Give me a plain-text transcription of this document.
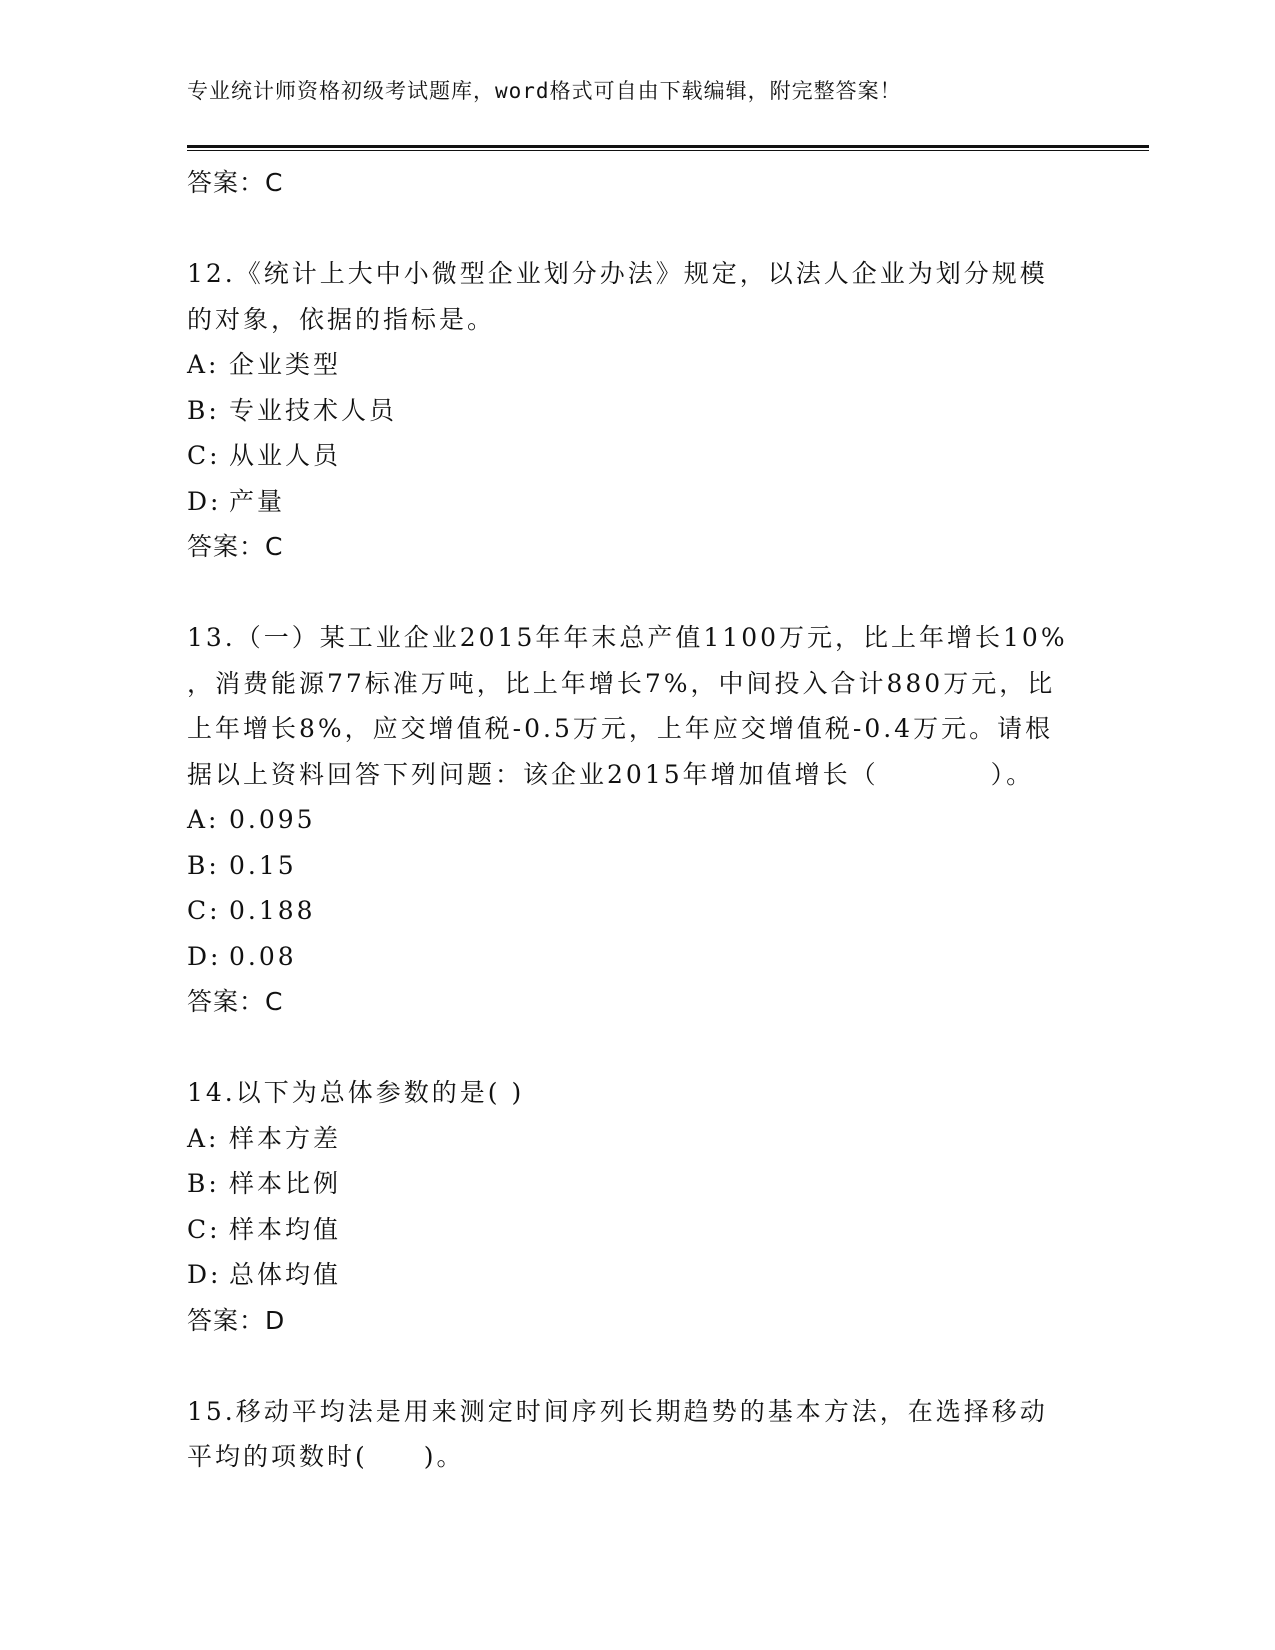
专业统计师资格初级考试题库，word格式可自由下载编辑，附完整答案！
答案：C
12.《统计上大中小微型企业划分办法》规定，以法人企业为划分规模
的对象，依据的指标是。
A: 企业类型
B: 专业技术人员
C: 从业人员
D: 产量
答案：C
13.（一）某工业企业2015年年末总产值1100万元，比上年增长10%
，消费能源77标准万吨，比上年增长7%，中间投入合计880万元，比
上年增长8%，应交增值税-0.5万元，上年应交增值税-0.4万元。请根
据以上资料回答下列问题：该企业2015年增加值增长（　　　　）。
A: 0.095
B: 0.15
C: 0.188
D: 0.08
答案：C
14.以下为总体参数的是( )
A: 样本方差
B: 样本比例
C: 样本均值
D: 总体均值
答案：D
15.移动平均法是用来测定时间序列长期趋势的基本方法，在选择移动
平均的项数时(　　)。
